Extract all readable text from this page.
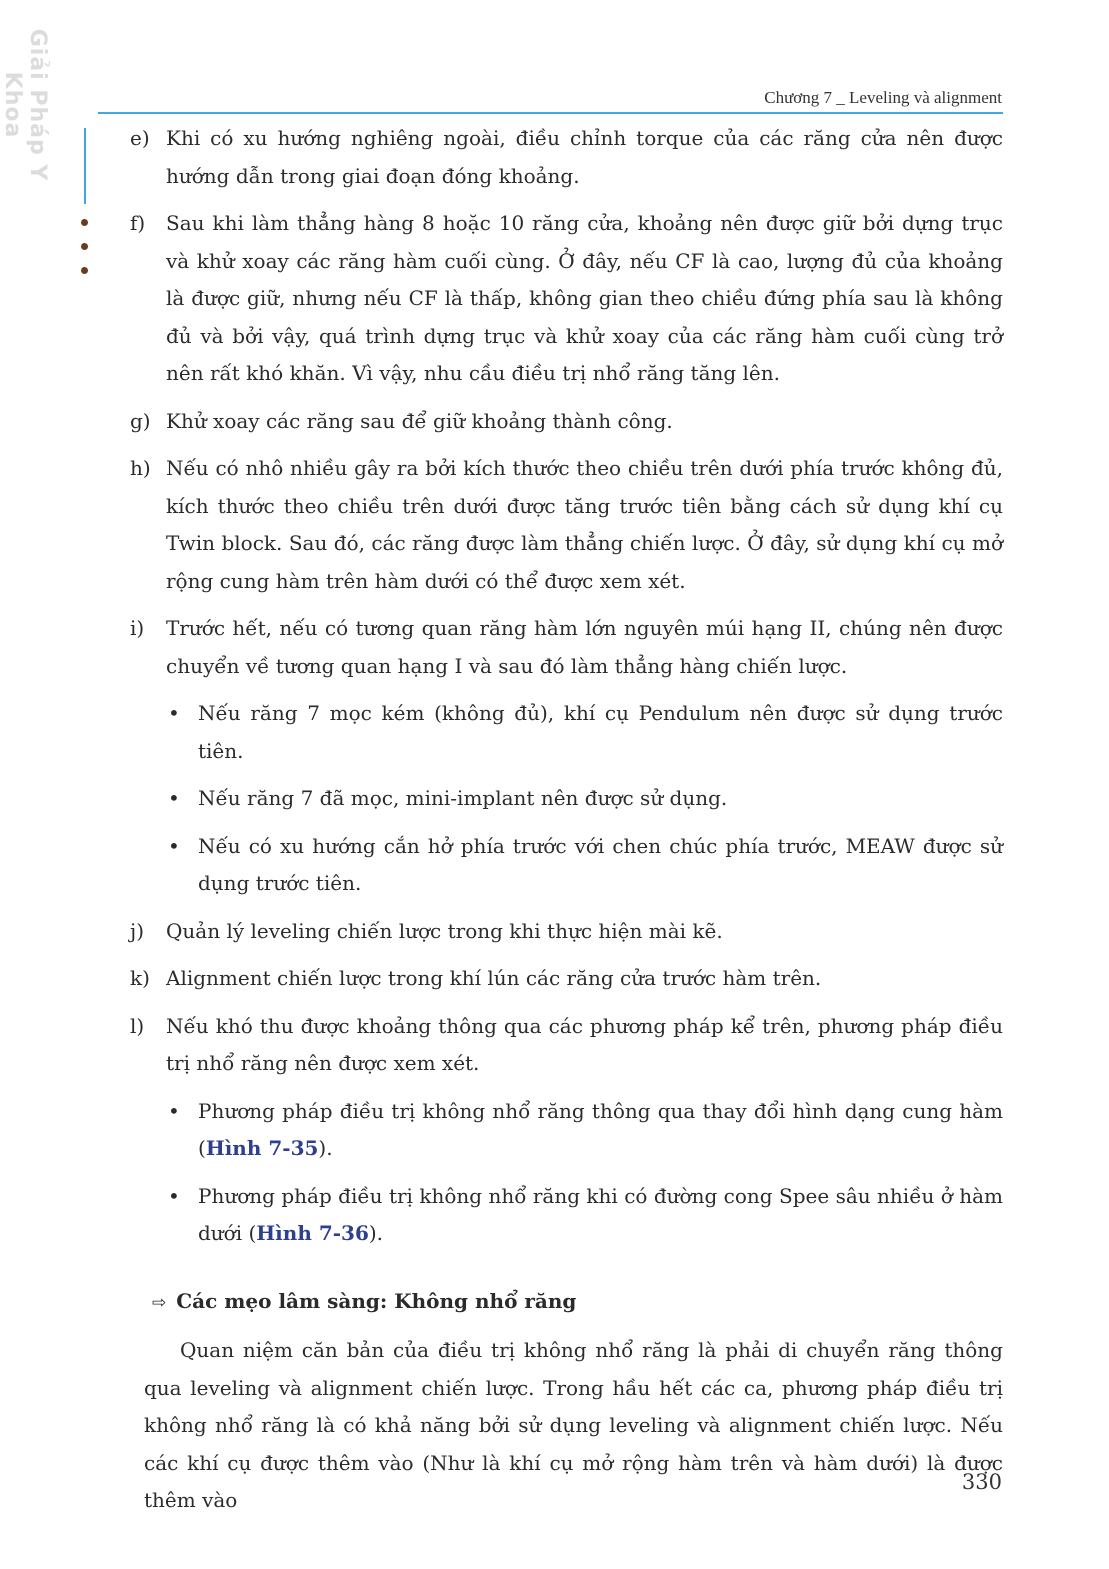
Giải Pháp Y Khoa	Chương 7 _ Leveling và alignment
e) Khi có xu hướng nghiêng ngoài, điều chỉnh torque của các răng cửa nên được hướng dẫn trong giai đoạn đóng khoảng.
f) Sau khi làm thẳng hàng 8 hoặc 10 răng cửa, khoảng nên được giữ bởi dựng trục và khử xoay các răng hàm cuối cùng. Ở đây, nếu CF là cao, lượng đủ của khoảng là được giữ, nhưng nếu CF là thấp, không gian theo chiều đứng phía sau là không đủ và bởi vậy, quá trình dựng trục và khử xoay của các răng hàm cuối cùng trở nên rất khó khăn. Vì vậy, nhu cầu điều trị nhổ răng tăng lên.
g) Khử xoay các răng sau để giữ khoảng thành công.
h) Nếu có nhô nhiều gây ra bởi kích thước theo chiều trên dưới phía trước không đủ, kích thước theo chiều trên dưới được tăng trước tiên bằng cách sử dụng khí cụ Twin block. Sau đó, các răng được làm thẳng chiến lược. Ở đây, sử dụng khí cụ mở rộng cung hàm trên hàm dưới có thể được xem xét.
i) Trước hết, nếu có tương quan răng hàm lớn nguyên múi hạng II, chúng nên được chuyển về tương quan hạng I và sau đó làm thẳng hàng chiến lược.
• Nếu răng 7 mọc kém (không đủ), khí cụ Pendulum nên được sử dụng trước tiên.
• Nếu răng 7 đã mọc, mini-implant nên được sử dụng.
• Nếu có xu hướng cắn hở phía trước với chen chúc phía trước, MEAW được sử dụng trước tiên.
j) Quản lý leveling chiến lược trong khi thực hiện mài kẽ.
k) Alignment chiến lược trong khí lún các răng cửa trước hàm trên.
l) Nếu khó thu được khoảng thông qua các phương pháp kể trên, phương pháp điều trị nhổ răng nên được xem xét.
• Phương pháp điều trị không nhổ răng thông qua thay đổi hình dạng cung hàm (Hình 7-35).
• Phương pháp điều trị không nhổ răng khi có đường cong Spee sâu nhiều ở hàm dưới (Hình 7-36).
⇨ Các mẹo lâm sàng: Không nhổ răng
Quan niệm căn bản của điều trị không nhổ răng là phải di chuyển răng thông qua leveling và alignment chiến lược. Trong hầu hết các ca, phương pháp điều trị không nhổ răng là có khả năng bởi sử dụng leveling và alignment chiến lược. Nếu các khí cụ được thêm vào (Như là khí cụ mở rộng hàm trên và hàm dưới) là được thêm vào
330
